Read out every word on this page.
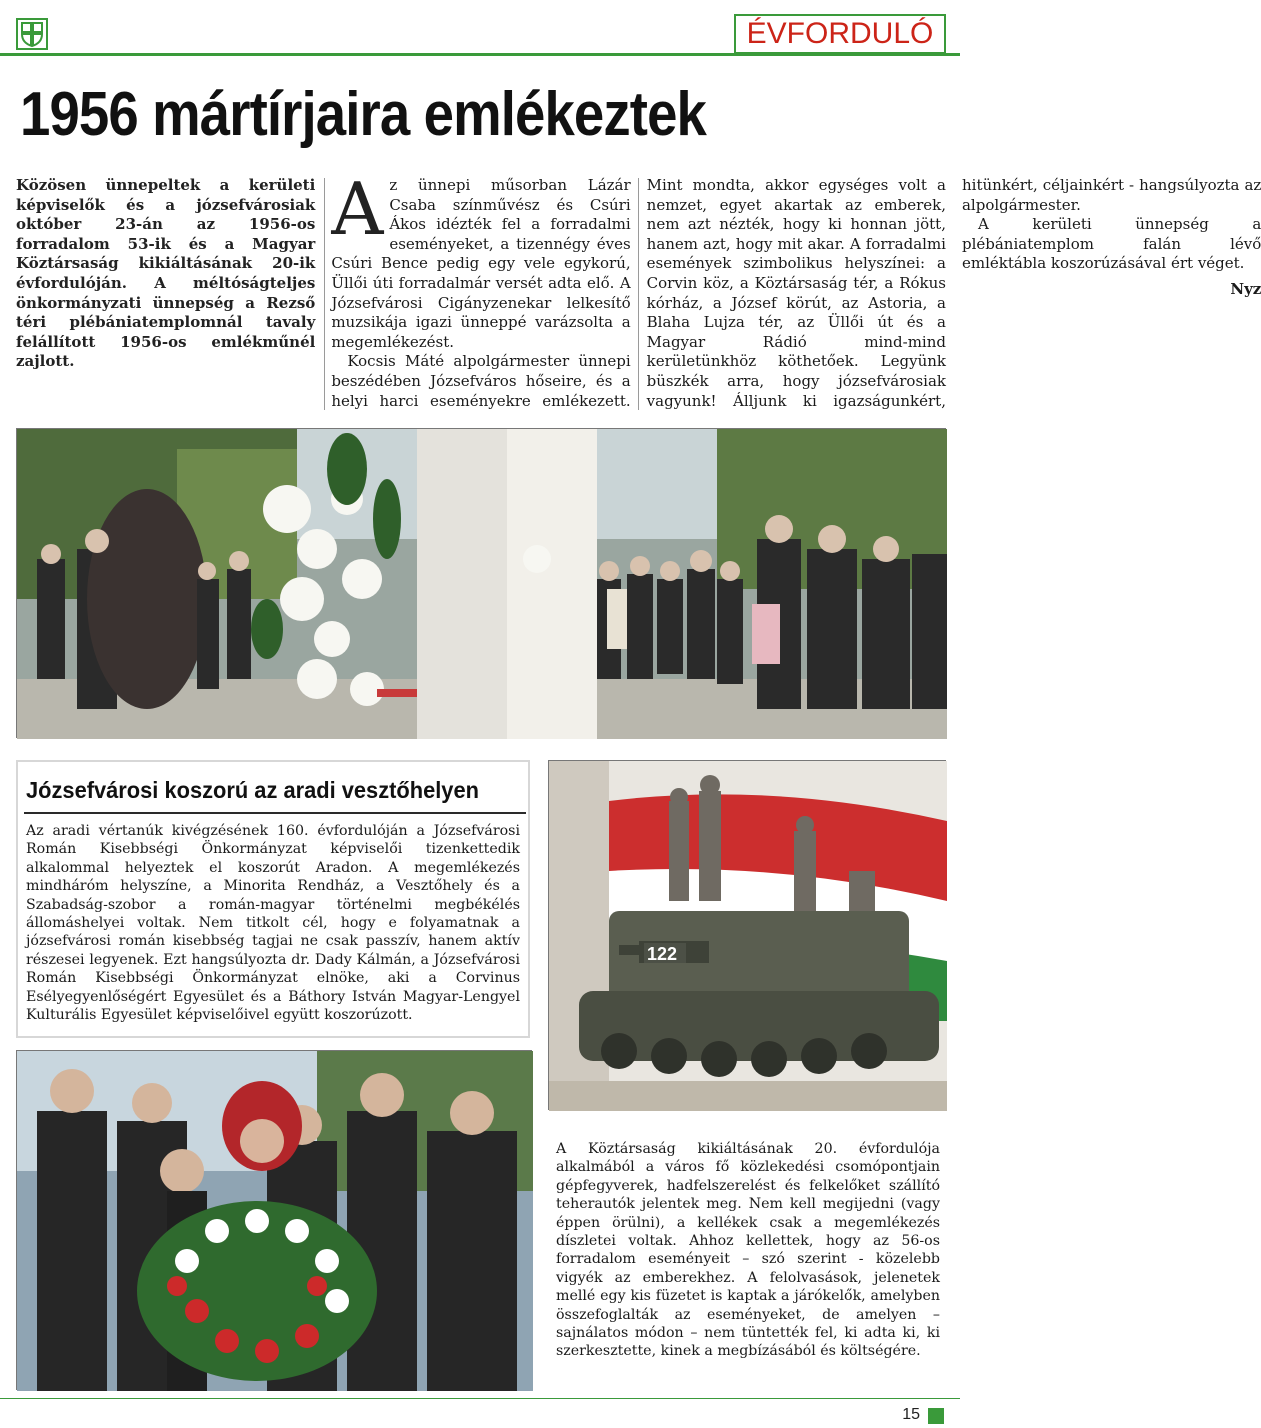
ÉVFORDULÓ
1956 mártírjaira emlékeztek

Közösen ünnepeltek a kerületi képviselők és a józsefvárosiak október 23-án az 1956-os forradalom 53-ik és a Magyar Köztársaság kikiáltásának 20-ik évfordulóján. A méltóságteljes önkormányzati ünnepség a Rezső téri plébániatemplomnál tavaly felállított 1956-os emlékműnél zajlott.

Az ünnepi műsorban Lázár Csaba színművész és Csúri Ákos idézték fel a forradalmi eseményeket, a tizennégy éves Csúri Bence pedig egy vele egykorú, Üllői úti forradalmár versét adta elő. A Józsefvárosi Cigányzenekar lelkesítő muzsikája igazi ünneppé varázsolta a megemlékezést.

Kocsis Máté alpolgármester ünnepi beszédében Józsefváros hőseire, és a helyi harci eseményekre emlékezett. Mint mondta, akkor egységes volt a nemzet, egyet akartak az emberek, nem azt nézték, hogy ki honnan jött, hanem azt, hogy mit akar. A forradalmi események szimbolikus helyszínei: a Corvin köz, a Köztársaság tér, a Rókus kórház, a József körút, az Astoria, a Blaha Lujza tér, az Üllői út és a Magyar Rádió mind-mind kerületünkhöz köthetőek. Legyünk büszkék arra, hogy józsefvárosiak vagyunk! Álljunk ki igazságunkért, hitünkért, céljainkért - hangsúlyozta az alpolgármester.

A kerületi ünnepség a plébániatemplom falán lévő emléktábla koszorúzásával ért véget.

Nyz
Józsefvárosi koszorú az aradi vesztőhelyen
Az aradi vértanúk kivégzésének 160. évfordulóján a Józsefvárosi Román Kisebbségi Önkormányzat képviselői tizenkettedik alkalommal helyeztek el koszorút Aradon. A megemlékezés mindháróm helyszíne, a Minorita Rendház, a Vesztőhely és a Szabadság-szobor a román-magyar történelmi megbékélés állomáshelyei voltak. Nem titkolt cél, hogy e folyamatnak a józsefvárosi román kisebbség tagjai ne csak passzív, hanem aktív részesei legyenek. Ezt hangsúlyozta dr. Dady Kálmán, a Józsefvárosi Román Kisebbségi Önkormányzat elnöke, aki a Corvinus Esélyegyenlőségért Egyesület és a Báthory István Magyar-Lengyel Kulturális Egyesület képviselőivel együtt koszorúzott.
122
A Köztársaság kikiáltásának 20. évfordulója alkalmából a város fő közlekedési csomópontjain gépfegyverek, hadfelszerelést és felkelőket szállító teherautók jelentek meg. Nem kell megijedni (vagy éppen örülni), a kellékek csak a megemlékezés díszletei voltak. Ahhoz kellettek, hogy az 56-os forradalom eseményeit – szó szerint - közelebb vigyék az emberekhez. A felolvasások, jelenetek mellé egy kis füzetet is kaptak a járókelők, amelyben összefoglalták az eseményeket, de amelyen – sajnálatos módon – nem tüntették fel, ki adta ki, ki szerkesztette, kinek a megbízásából és költségére.
15
